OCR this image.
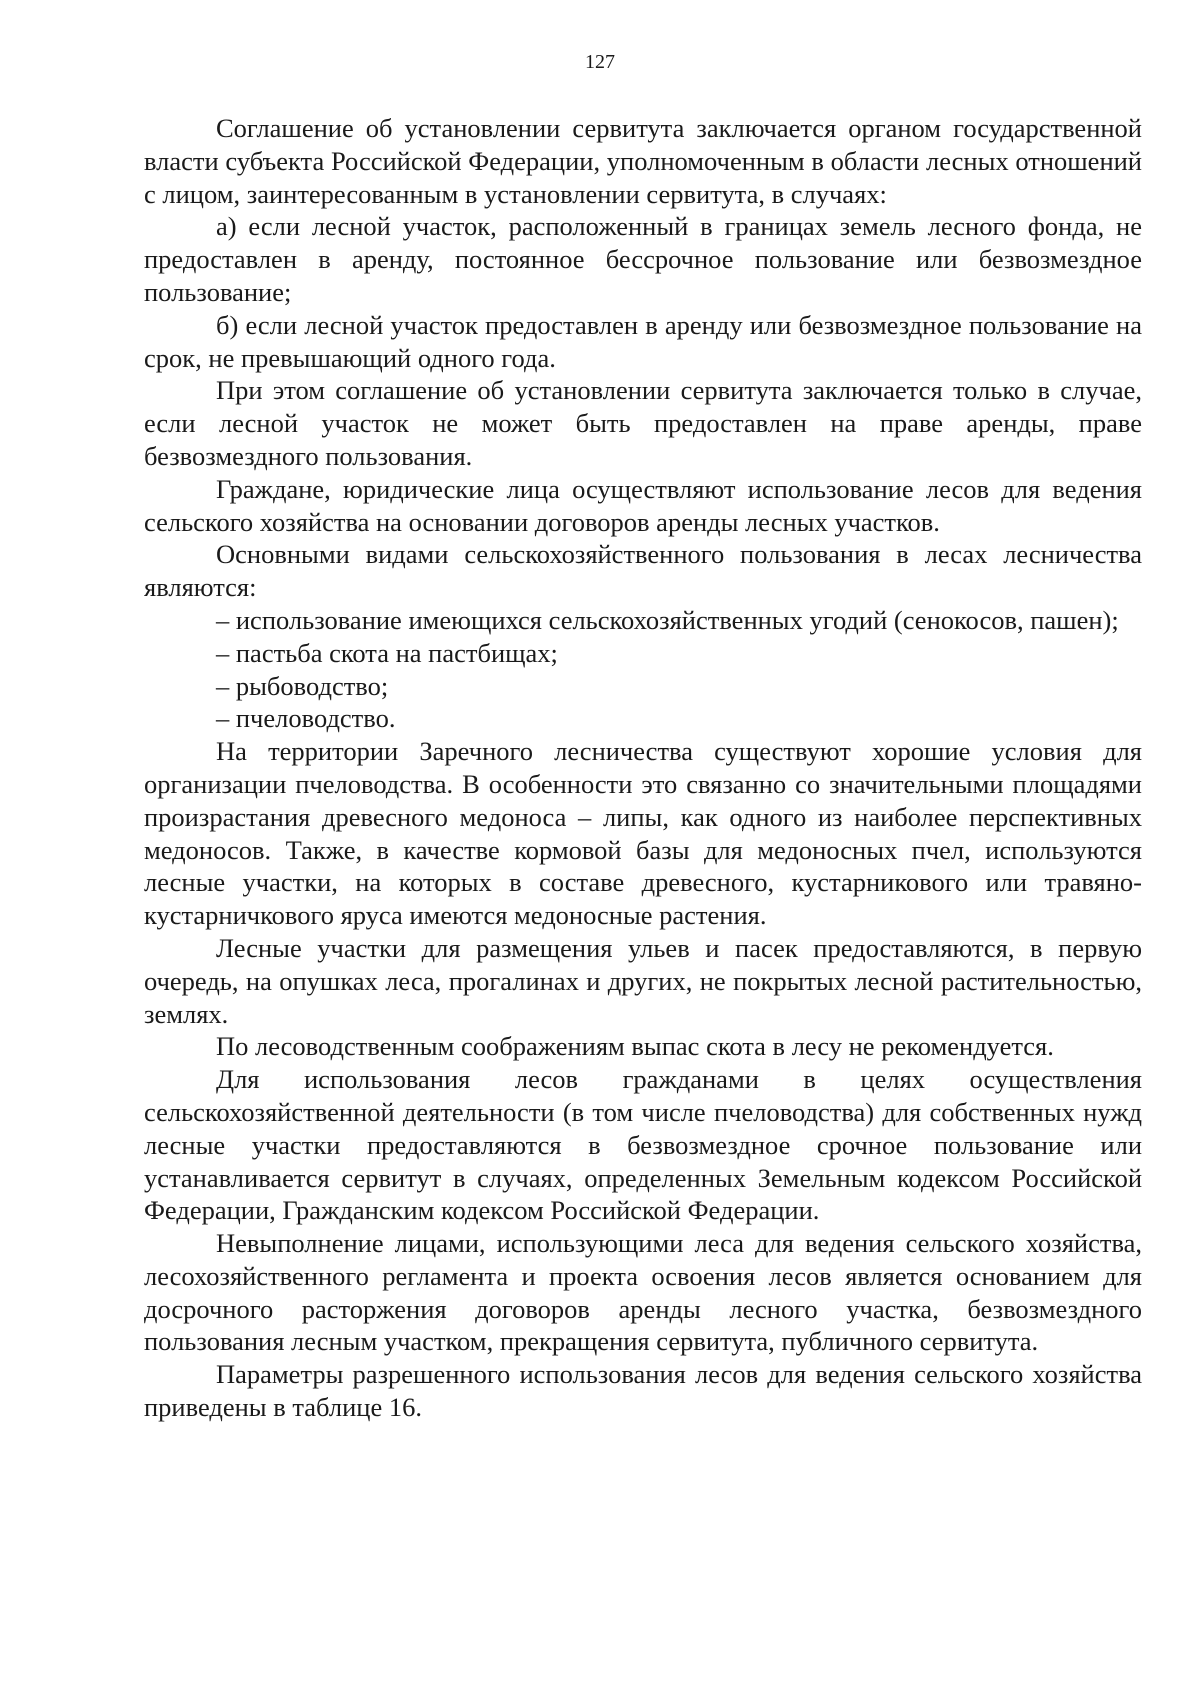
127

Соглашение об установлении сервитута заключается органом государственной власти субъекта Российской Федерации, уполномоченным в области лесных отношений с лицом, заинтересованным в установлении сервитута, в случаях:

а) если лесной участок, расположенный в границах земель лесного фонда, не предоставлен в аренду, постоянное бессрочное пользование или безвозмездное пользование;

б) если лесной участок предоставлен в аренду или безвозмездное пользование на срок, не превышающий одного года.

При этом соглашение об установлении сервитута заключается только в случае, если лесной участок не может быть предоставлен на праве аренды, праве безвозмездного пользования.

Граждане, юридические лица осуществляют использование лесов для ведения сельского хозяйства на основании договоров аренды лесных участков.

Основными видами сельскохозяйственного пользования в лесах лесничества являются:

– использование имеющихся сельскохозяйственных угодий (сенокосов, пашен);

– пастьба скота на пастбищах;

– рыбоводство;

– пчеловодство.

На территории Заречного лесничества существуют хорошие условия для организации пчеловодства. В особенности это связанно со значительными площадями произрастания древесного медоноса – липы, как одного из наиболее перспективных медоносов. Также, в качестве кормовой базы для медоносных пчел, используются лесные участки, на которых в составе древесного, кустарникового или травяно-кустарничкового яруса имеются медоносные растения.

Лесные участки для размещения ульев и пасек предоставляются, в первую очередь, на опушках леса, прогалинах и других, не покрытых лесной растительностью, землях.

По лесоводственным соображениям выпас скота в лесу не рекомендуется.

Для использования лесов гражданами в целях осуществления сельскохозяйственной деятельности (в том числе пчеловодства) для собственных нужд лесные участки предоставляются в безвозмездное срочное пользование или устанавливается сервитут в случаях, определенных Земельным кодексом Российской Федерации, Гражданским кодексом Российской Федерации.

Невыполнение лицами, использующими леса для ведения сельского хозяйства, лесохозяйственного регламента и проекта освоения лесов является основанием для досрочного расторжения договоров аренды лесного участка, безвозмездного пользования лесным участком, прекращения сервитута, публичного сервитута.

Параметры разрешенного использования лесов для ведения сельского хозяйства приведены в таблице 16.
